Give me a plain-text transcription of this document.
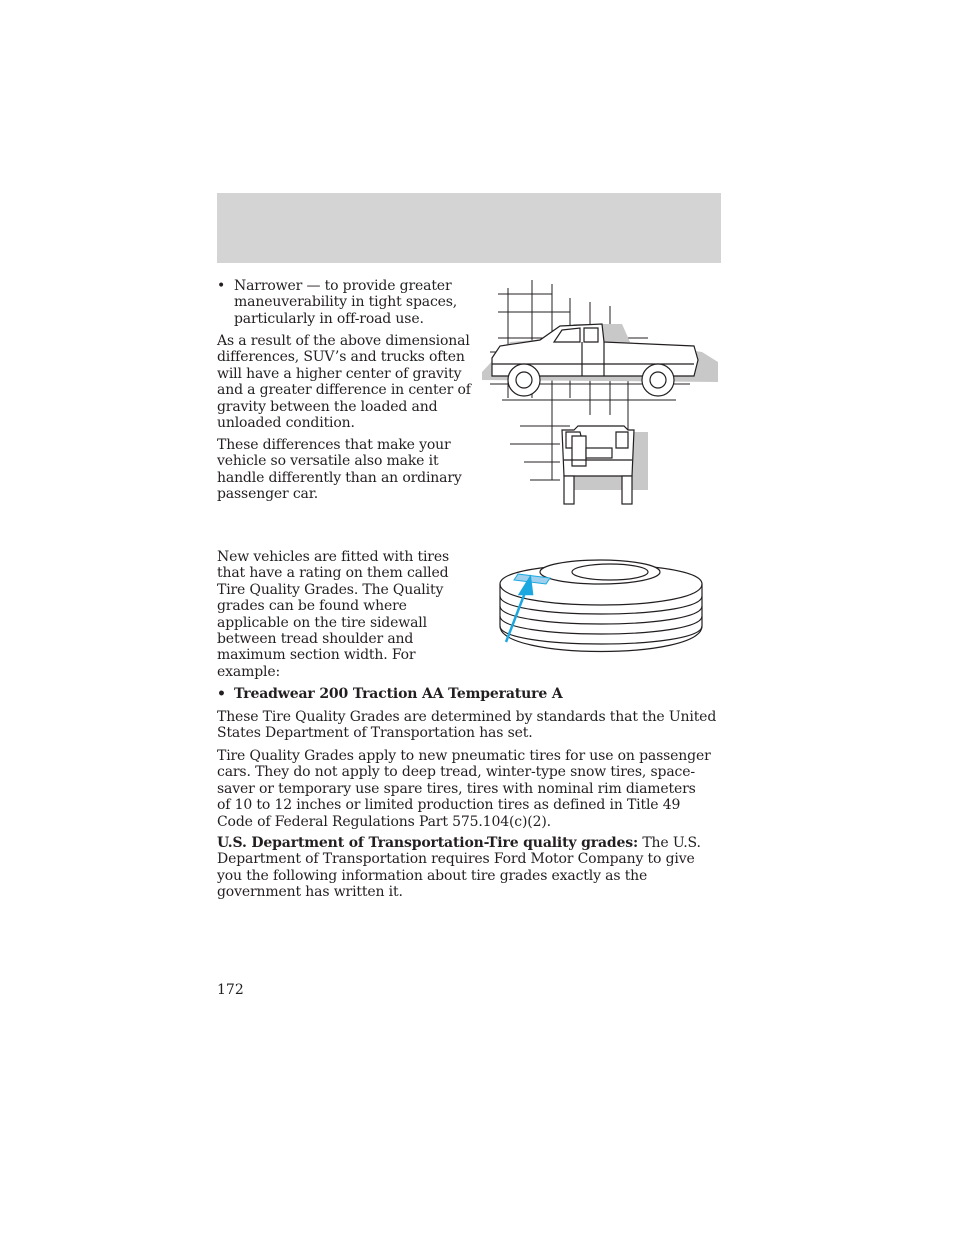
• Narrower — to provide greater maneuverability in tight spaces, particularly in off-road use.

As a result of the above dimensional differences, SUV’s and trucks often will have a higher center of gravity and a greater difference in center of gravity between the loaded and unloaded condition.

These differences that make your vehicle so versatile also make it handle differently than an ordinary passenger car.

New vehicles are fitted with tires that have a rating on them called Tire Quality Grades. The Quality grades can be found where applicable on the tire sidewall between tread shoulder and maximum section width. For example:

• Treadwear 200 Traction AA Temperature A

These Tire Quality Grades are determined by standards that the United States Department of Transportation has set.

Tire Quality Grades apply to new pneumatic tires for use on passenger cars. They do not apply to deep tread, winter-type snow tires, space-saver or temporary use spare tires, tires with nominal rim diameters of 10 to 12 inches or limited production tires as defined in Title 49 Code of Federal Regulations Part 575.104(c)(2).

U.S. Department of Transportation-Tire quality grades: The U.S. Department of Transportation requires Ford Motor Company to give you the following information about tire grades exactly as the government has written it.

172
